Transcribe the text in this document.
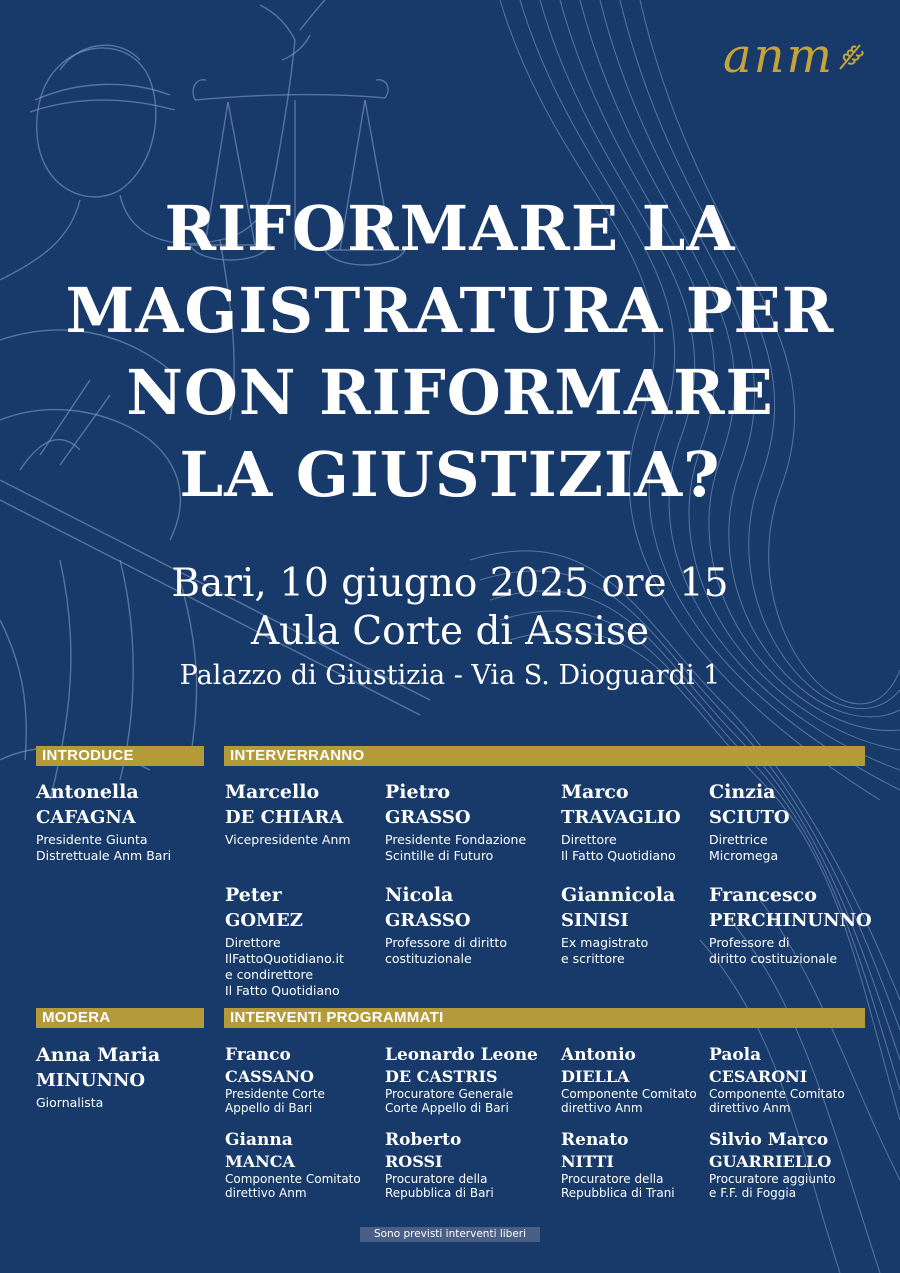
anm
RIFORMARE LA
MAGISTRATURA PER
NON RIFORMARE
LA GIUSTIZIA?
Bari, 10 giugno 2025 ore 15
Aula Corte di Assise
Palazzo di Giustizia - Via S. Dioguardi 1
INTRODUCE	INTERVERRANNO
MODERA	INTERVENTI PROGRAMMATI
Antonella
CAFAGNA
Presidente Giunta
Distrettuale Anm Bari
Marcello
DE CHIARA
Vicepresidente Anm
Pietro
GRASSO
Presidente Fondazione
Scintille di Futuro
Marco
TRAVAGLIO
Direttore
Il Fatto Quotidiano
Cinzia
SCIUTO
Direttrice
Micromega
Peter
GOMEZ
Direttore
IlFattoQuotidiano.it
e condirettore
Il Fatto Quotidiano
Nicola
GRASSO
Professore di diritto
costituzionale
Giannicola
SINISI
Ex magistrato
e scrittore
Francesco
PERCHINUNNO
Professore di
diritto costituzionale
Anna Maria
MINUNNO
Giornalista
Franco
CASSANO
Presidente Corte
Appello di Bari
Leonardo Leone
DE CASTRIS
Procuratore Generale
Corte Appello di Bari
Antonio
DIELLA
Componente Comitato
direttivo Anm
Paola
CESARONI
Componente Comitato
direttivo Anm
Gianna
MANCA
Componente Comitato
direttivo Anm
Roberto
ROSSI
Procuratore della
Repubblica di Bari
Renato
NITTI
Procuratore della
Repubblica di Trani
Silvio Marco
GUARRIELLO
Procuratore aggiunto
e F.F. di Foggia
Sono previsti interventi liberi
